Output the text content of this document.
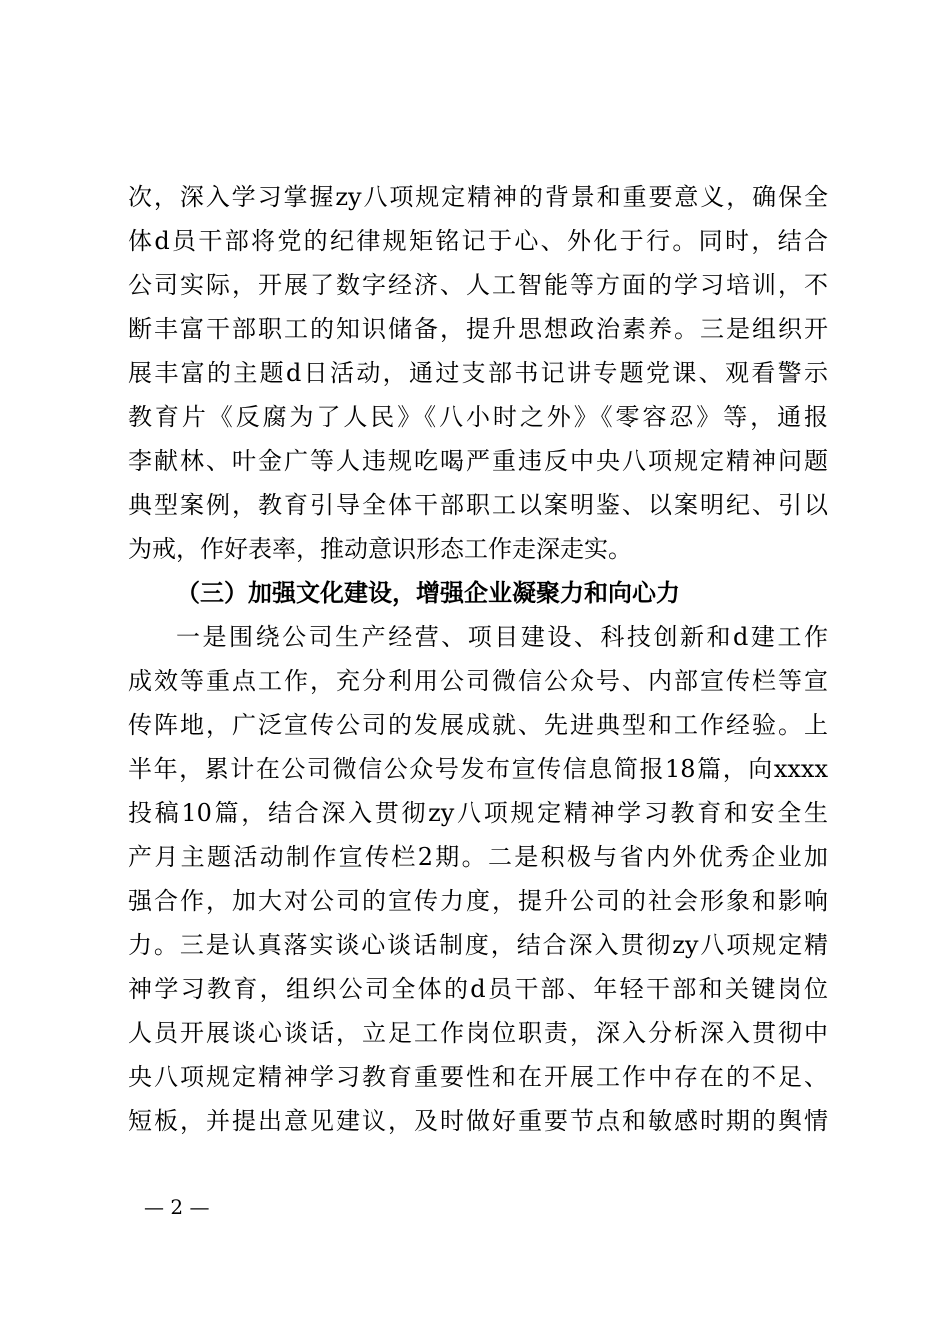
次，深入学习掌握zy八项规定精神的背景和重要意义，确保全
体d员干部将党的纪律规矩铭记于心、外化于行。同时，结合
公司实际，开展了数字经济、人工智能等方面的学习培训，不
断丰富干部职工的知识储备，提升思想政治素养。三是组织开
展丰富的主题d日活动，通过支部书记讲专题党课、观看警示
教育片《反腐为了人民》《八小时之外》《零容忍》等，通报
李献林、叶金广等人违规吃喝严重违反中央八项规定精神问题
典型案例，教育引导全体干部职工以案明鉴、以案明纪、引以
为戒，作好表率，推动意识形态工作走深走实。
（三）加强文化建设，增强企业凝聚力和向心力
一是围绕公司生产经营、项目建设、科技创新和d建工作
成效等重点工作，充分利用公司微信公众号、内部宣传栏等宣
传阵地，广泛宣传公司的发展成就、先进典型和工作经验。上
半年，累计在公司微信公众号发布宣传信息简报18篇，向xxxx
投稿10篇，结合深入贯彻zy八项规定精神学习教育和安全生
产月主题活动制作宣传栏2期。二是积极与省内外优秀企业加
强合作，加大对公司的宣传力度，提升公司的社会形象和影响
力。三是认真落实谈心谈话制度，结合深入贯彻zy八项规定精
神学习教育，组织公司全体的d员干部、年轻干部和关键岗位
人员开展谈心谈话，立足工作岗位职责，深入分析深入贯彻中
央八项规定精神学习教育重要性和在开展工作中存在的不足、
短板，并提出意见建议，及时做好重要节点和敏感时期的舆情
— 2 —
